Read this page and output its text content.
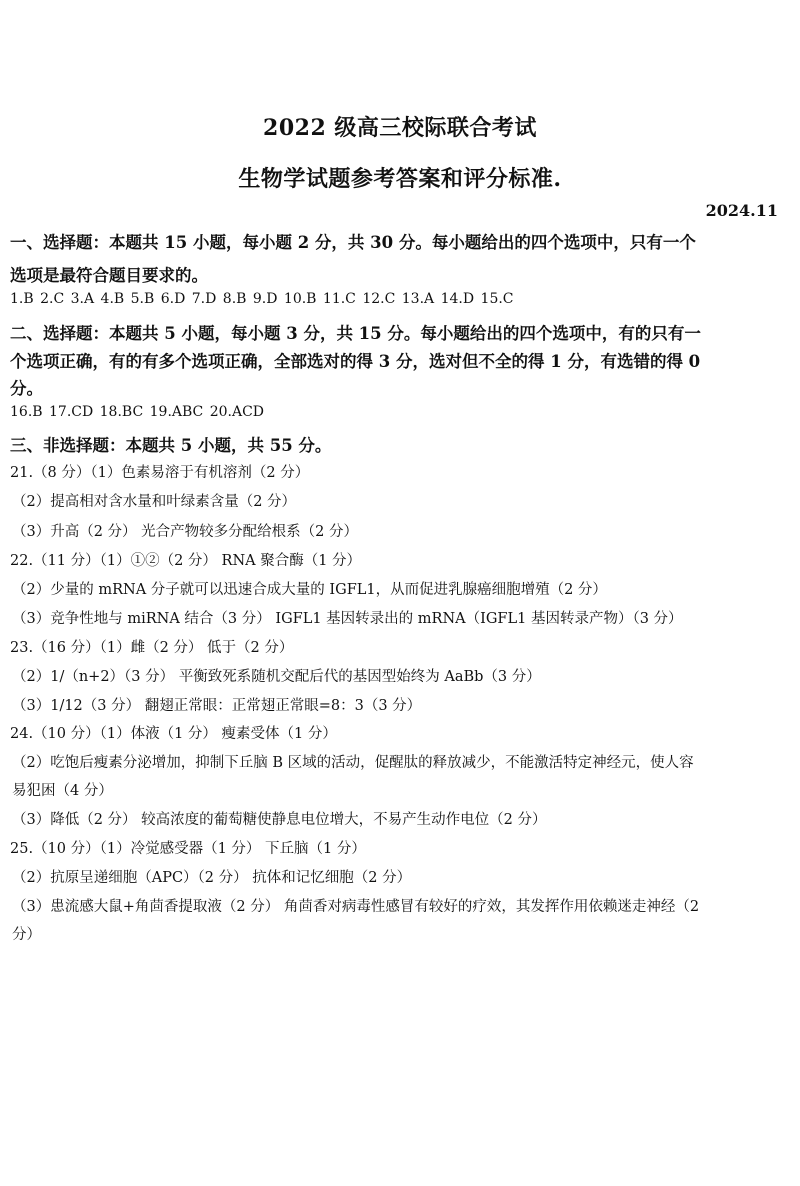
2022 级高三校际联合考试
生物学试题参考答案和评分标准.
2024.11
一、选择题：本题共 15 小题，每小题 2 分，共 30 分。每小题给出的四个选项中，只有一个
选项是最符合题目要求的。
1.B 2.C 3.A 4.B 5.B 6.D 7.D 8.B 9.D 10.B 11.C 12.C 13.A 14.D 15.C
二、选择题：本题共 5 小题，每小题 3 分，共 15 分。每小题给出的四个选项中，有的只有一
个选项正确，有的有多个选项正确，全部选对的得 3 分，选对但不全的得 1 分，有选错的得 0
分。
16.B 17.CD 18.BC 19.ABC 20.ACD
三、非选择题：本题共 5 小题，共 55 分。
21.（8 分）（1）色素易溶于有机溶剂（2 分）
（2）提高相对含水量和叶绿素含量（2 分）
（3）升高（2 分） 光合产物较多分配给根系（2 分）
22.（11 分）（1）①②（2 分） RNA 聚合酶（1 分）
（2）少量的 mRNA 分子就可以迅速合成大量的 IGFL1，从而促进乳腺癌细胞增殖（2 分）
（3）竞争性地与 miRNA 结合（3 分） IGFL1 基因转录出的 mRNA（IGFL1 基因转录产物）（3 分）
23.（16 分）（1）雌（2 分） 低于（2 分）
（2）1/（n+2）（3 分） 平衡致死系随机交配后代的基因型始终为 AaBb（3 分）
（3）1/12（3 分） 翻翅正常眼：正常翅正常眼=8：3（3 分）
24.（10 分）（1）体液（1 分） 瘦素受体（1 分）
（2）吃饱后瘦素分泌增加，抑制下丘脑 B 区域的活动，促醒肽的释放减少，不能激活特定神经元，使人容
易犯困（4 分）
（3）降低（2 分） 较高浓度的葡萄糖使静息电位增大，不易产生动作电位（2 分）
25.（10 分）（1）冷觉感受器（1 分） 下丘脑（1 分）
（2）抗原呈递细胞（APC）（2 分） 抗体和记忆细胞（2 分）
（3）患流感大鼠+角茴香提取液（2 分） 角茴香对病毒性感冒有较好的疗效，其发挥作用依赖迷走神经（2
分）
